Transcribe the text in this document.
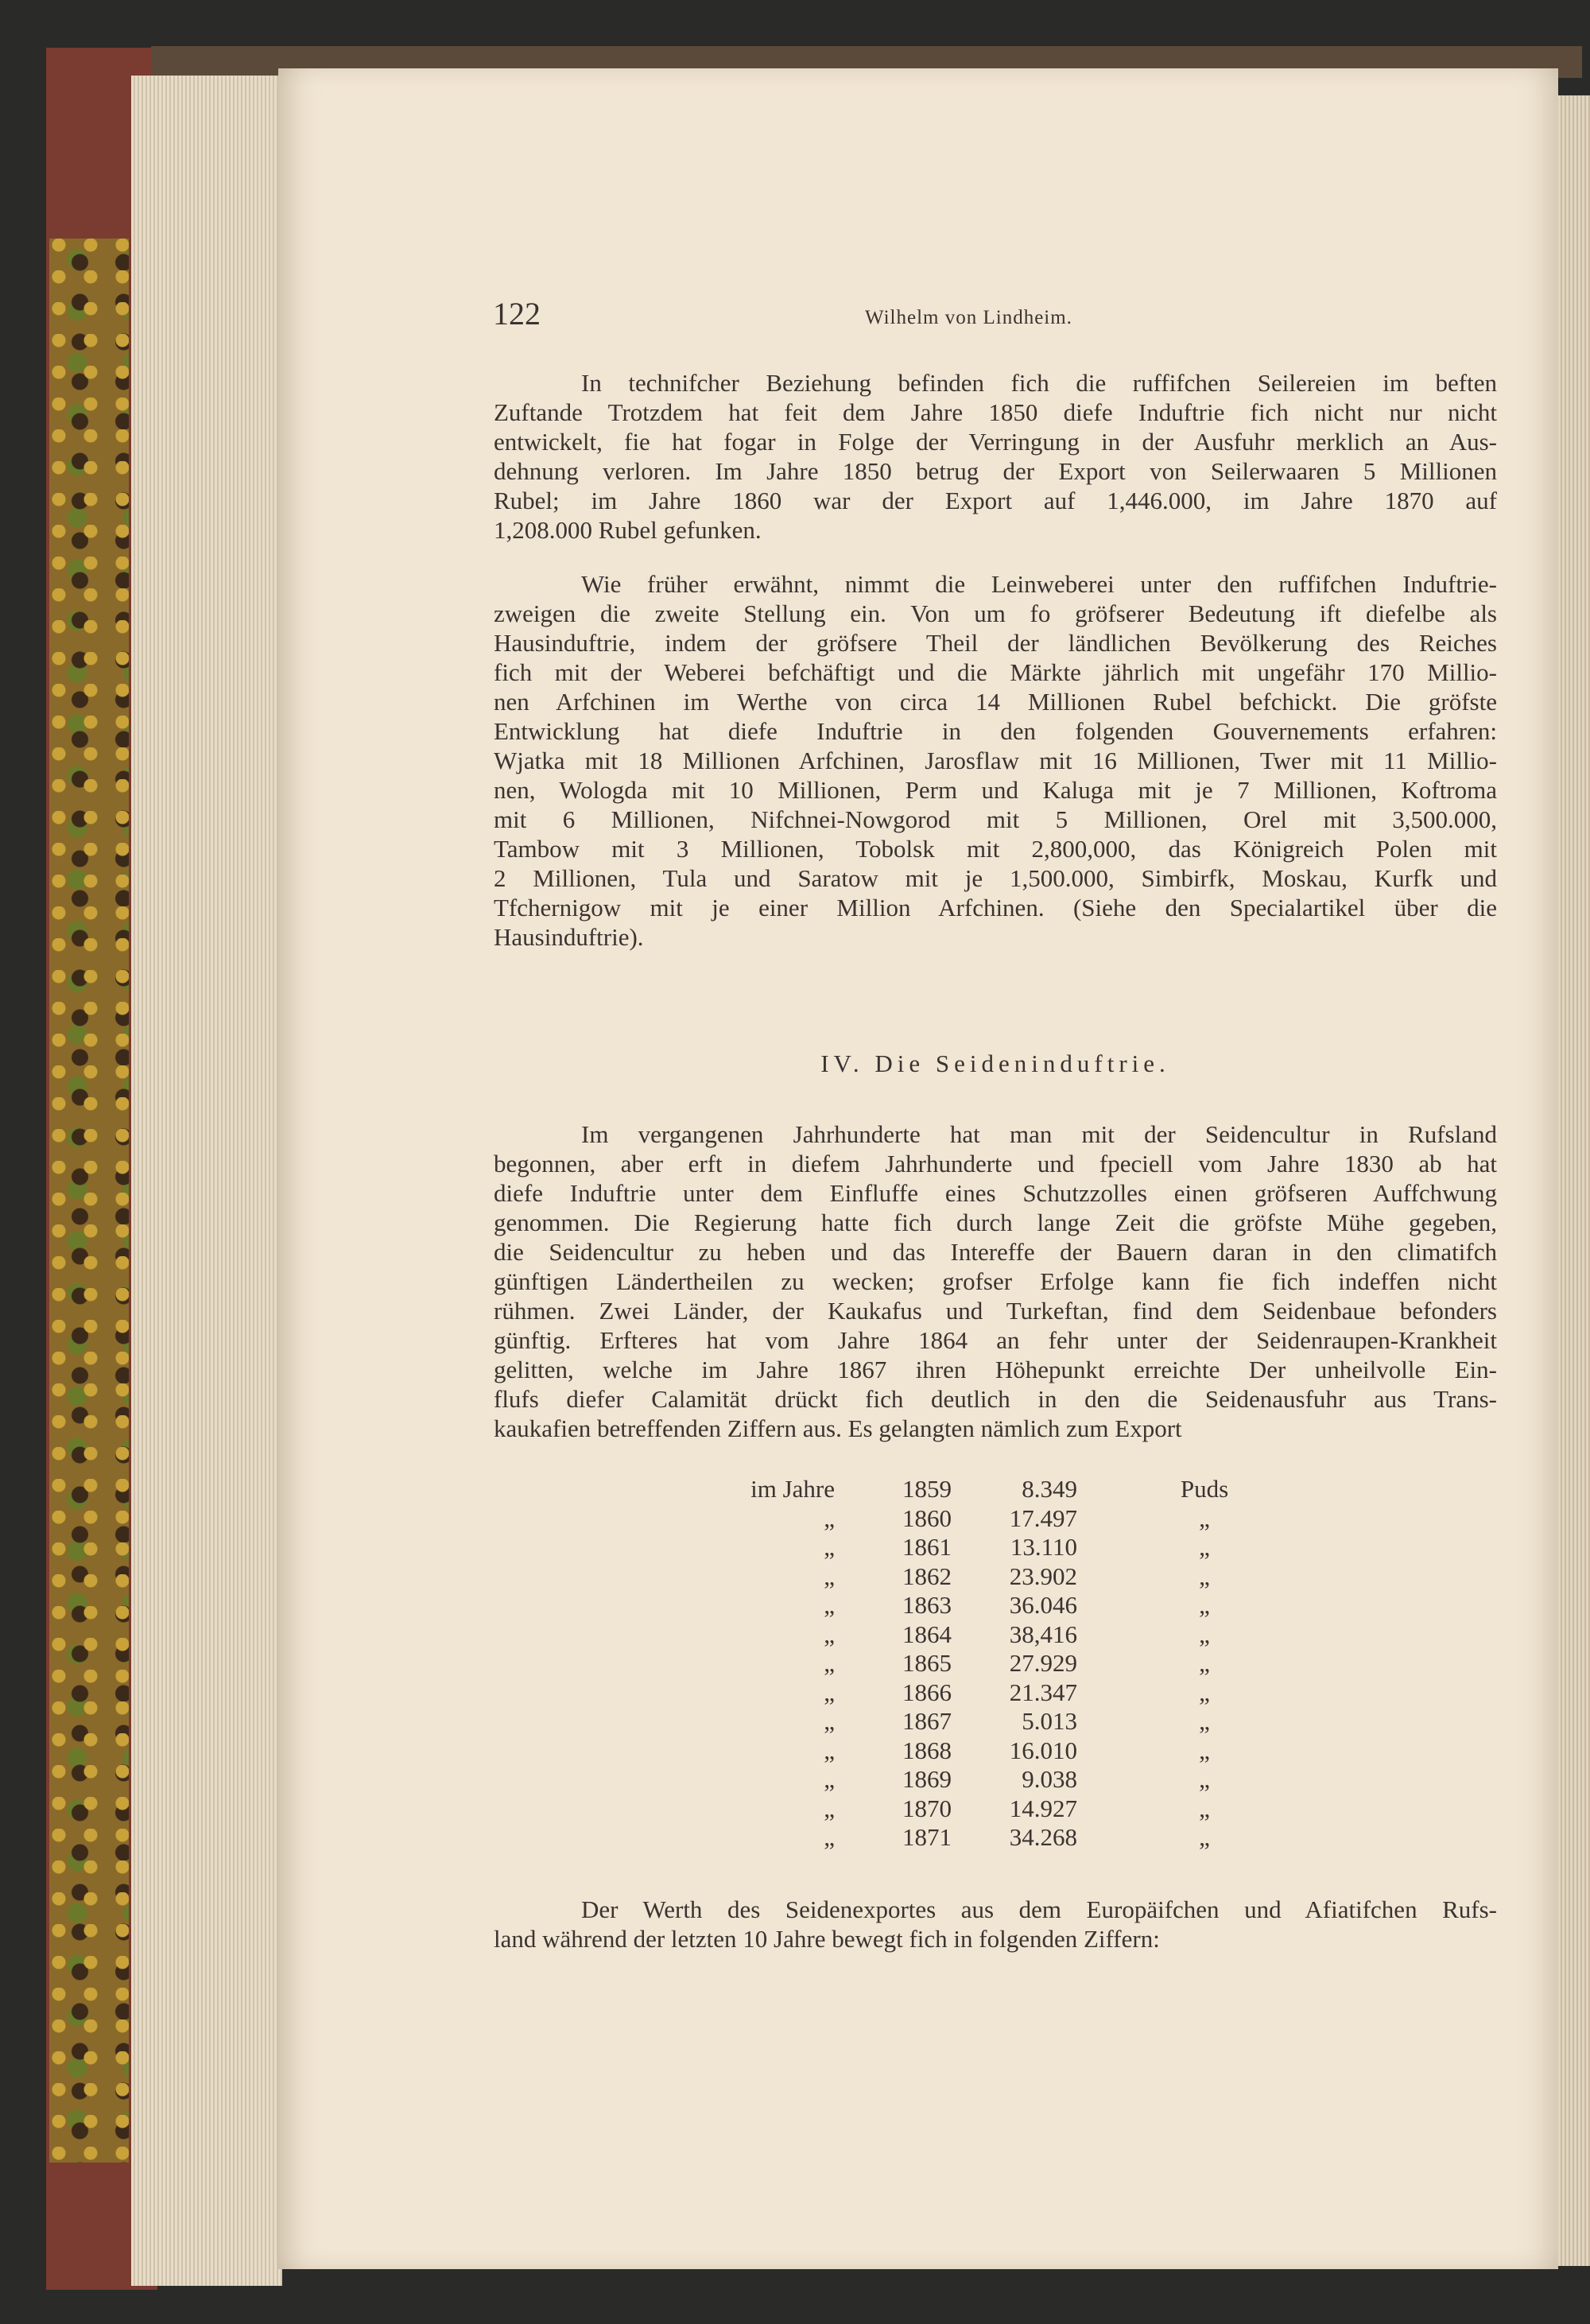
122	Wilhelm von Lindheim.
In technifcher Beziehung befinden fich die ruffifchen Seilereien im beften
Zuftande Trotzdem hat feit dem Jahre 1850 diefe Induftrie fich nicht nur nicht
entwickelt, fie hat fogar in Folge der Verringung in der Ausfuhr merklich an Aus-
dehnung verloren. Im Jahre 1850 betrug der Export von Seilerwaaren 5 Millionen
Rubel; im Jahre 1860 war der Export auf 1,446.000, im Jahre 1870 auf
1,208.000 Rubel gefunken.
Wie früher erwähnt, nimmt die Leinweberei unter den ruffifchen Induftrie-
zweigen die zweite Stellung ein. Von um fo gröfserer Bedeutung ift diefelbe als
Hausinduftrie, indem der gröfsere Theil der ländlichen Bevölkerung des Reiches
fich mit der Weberei befchäftigt und die Märkte jährlich mit ungefähr 170 Millio-
nen Arfchinen im Werthe von circa 14 Millionen Rubel befchickt. Die gröfste
Entwicklung hat diefe Induftrie in den folgenden Gouvernements erfahren:
Wjatka mit 18 Millionen Arfchinen, Jarosflaw mit 16 Millionen, Twer mit 11 Millio-
nen, Wologda mit 10 Millionen, Perm und Kaluga mit je 7 Millionen, Koftroma
mit 6 Millionen, Nifchnei-Nowgorod mit 5 Millionen, Orel mit 3,500.000,
Tambow mit 3 Millionen, Tobolsk mit 2,800,000, das Königreich Polen mit
2 Millionen, Tula und Saratow mit je 1,500.000, Simbirfk, Moskau, Kurfk und
Tfchernigow mit je einer Million Arfchinen. (Siehe den Specialartikel über die
Hausinduftrie).
IV. Die Seideninduftrie.
Im vergangenen Jahrhunderte hat man mit der Seidencultur in Rufsland
begonnen, aber erft in diefem Jahrhunderte und fpeciell vom Jahre 1830 ab hat
diefe Induftrie unter dem Einfluffe eines Schutzzolles einen gröfseren Auffchwung
genommen. Die Regierung hatte fich durch lange Zeit die gröfste Mühe gegeben,
die Seidencultur zu heben und das Intereffe der Bauern daran in den climatifch
günftigen Ländertheilen zu wecken; grofser Erfolge kann fie fich indeffen nicht
rühmen. Zwei Länder, der Kaukafus und Turkeftan, find dem Seidenbaue befonders
günftig. Erfteres hat vom Jahre 1864 an fehr unter der Seidenraupen-Krankheit
gelitten, welche im Jahre 1867 ihren Höhepunkt erreichte Der unheilvolle Ein-
flufs diefer Calamität drückt fich deutlich in den die Seidenausfuhr aus Trans-
kaukafien betreffenden Ziffern aus. Es gelangten nämlich zum Export
im Jahre	1859	8.349	Puds
„	1860	17.497	„
„	1861	13.110	„
„	1862	23.902	„
„	1863	36.046	„
„	1864	38,416	„
„	1865	27.929	„
„	1866	21.347	„
„	1867	5.013	„
„	1868	16.010	„
„	1869	9.038	„
„	1870	14.927	„
„	1871	34.268	„
Der Werth des Seidenexportes aus dem Europäifchen und Afiatifchen Rufs-
land während der letzten 10 Jahre bewegt fich in folgenden Ziffern:
